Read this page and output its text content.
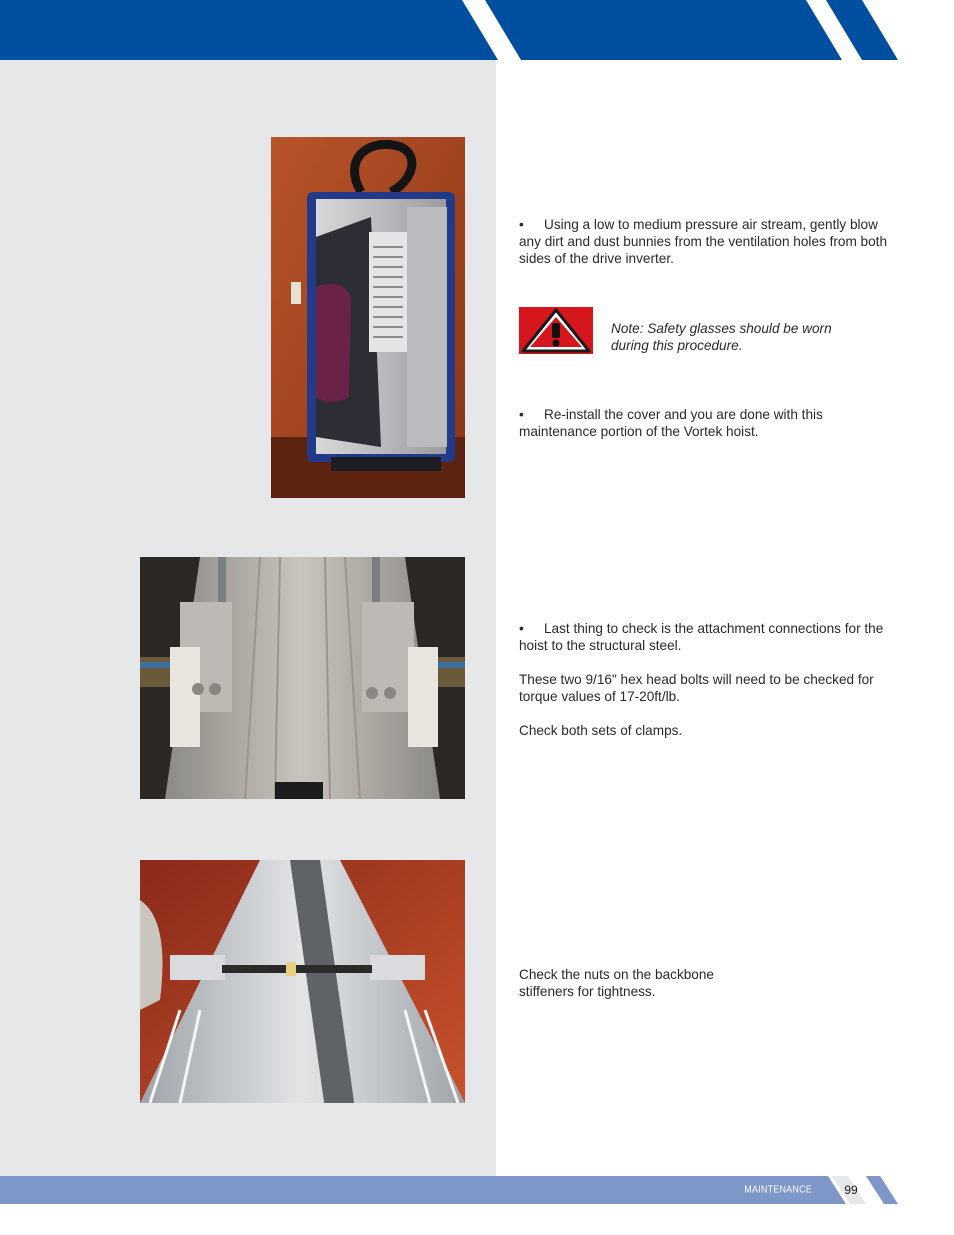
• Using a low to medium pressure air stream, gently blow any dirt and dust bunnies from the ventilation holes from both sides of the drive inverter.
Note: Safety glasses should be worn during this procedure.
• Re-install the cover and you are done with this maintenance portion of the Vortek hoist.

• Last thing to check is the attachment connections for the hoist to the structural steel.

These two 9/16" hex head bolts will need to be checked for torque values of 17-20ft/lb.

Check both sets of clamps.

Check the nuts on the backbone stiffeners for tightness.
MAINTENANCE	99
